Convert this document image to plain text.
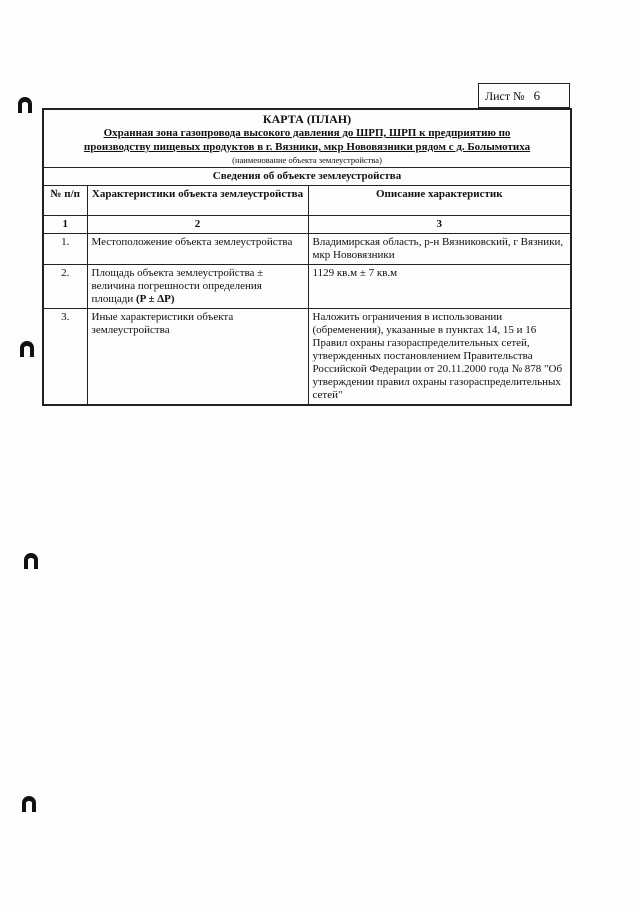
Лист № 6
КАРТА (ПЛАН)
Охранная зона газопровода высокого давления до ШРП, ШРП к предприятию по
производству пищевых продуктов в г. Вязники, мкр Нововязники рядом с д. Болымотиха
(наименование объекта землеустройства)		

Сведения об объекте землеустройства		
№ п/п	Характеристики объекта землеустройства	Описание характеристик
1	2	3
1.	Местоположение объекта землеустройства	Владимирская область, р-н Вязниковский, г Вязники, мкр Нововязники
2.	Площадь объекта землеустройства ± величина погрешности определения площади (P ± ΔP)	1129 кв.м ± 7 кв.м
3.	Иные характеристики объекта землеустройства	Наложить ограничения в использовании (обременения), указанные в пунктах 14, 15 и 16 Правил охраны газораспределительных сетей, утвержденных постановлением Правительства Российской Федерации от 20.11.2000 года № 878 "Об утверждении правил охраны газораспределительных сетей"
